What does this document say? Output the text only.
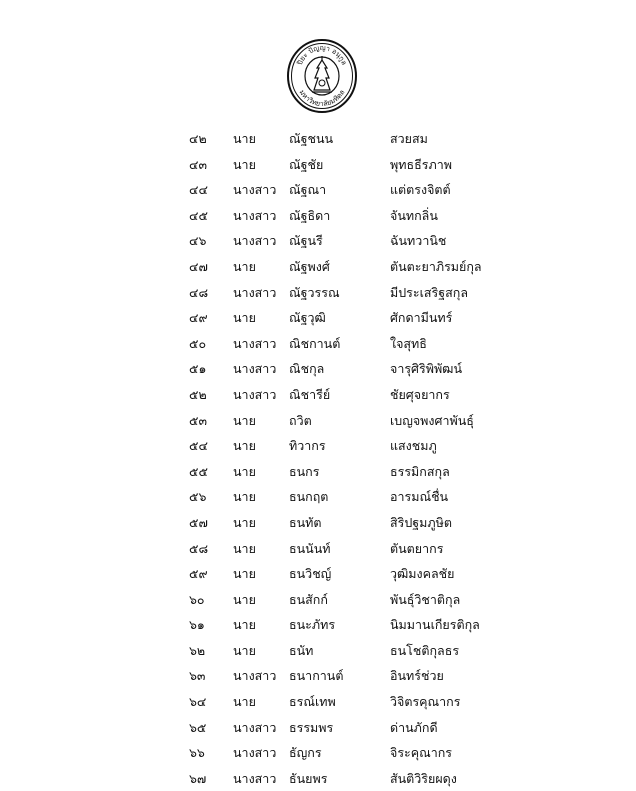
ปิยะ ปัญญา อนุกูล
มหาวิทยาลัยมหิดล
๔๒ นาย	ณัฐชนน	สวยสม
๔๓ นาย	ณัฐชัย	พุทธธีรภาพ
๔๔ นางสาว ณัฐณา	แต่ตรงจิตต์
๔๕ นางสาว ณัฐธิดา	จันทกลิ่น
๔๖ นางสาว ณัฐนรี	ฉันทวานิช
๔๗ นาย	ณัฐพงศ์	ตันตะยาภิรมย์กุล
๔๘ นางสาว ณัฐวรรณ	มีประเสริฐสกุล
๔๙ นาย	ณัฐวุฒิ	ศักดามีนทร์
๕๐ นางสาว ณิชกานต์	ใจสุทธิ
๕๑ นางสาว ณิชกุล	จารุศิริพิพัฒน์
๕๒ นางสาว ณิชารีย์	ชัยศุจยากร
๕๓ นาย	ถวิต	เบญจพงศาพันธุ์
๕๔ นาย	ทิวากร	แสงชมภู
๕๕ นาย	ธนกร	ธรรมิกสกุล
๕๖ นาย	ธนกฤต	อารมณ์ชื่น
๕๗ นาย	ธนทัต	สิริปฐมภูษิต
๕๘ นาย	ธนนันท์	ตันตยากร
๕๙ นาย	ธนวิชญ์	วุฒิมงคลชัย
๖๐ นาย	ธนสักก์	พันธุ์วิชาติกุล
๖๑ นาย	ธนะภัทร	นิมมานเกียรติกุล
๖๒ นาย	ธนัท	ธนโชติกุลธร
๖๓ นางสาว ธนากานต์	อินทร์ช่วย
๖๔ นาย	ธรณ์เทพ	วิจิตรคุณากร
๖๕ นางสาว ธรรมพร	ด่านภักดี
๖๖ นางสาว ธัญกร	จิระคุณากร
๖๗ นางสาว ธันยพร	สันติวิริยผดุง
